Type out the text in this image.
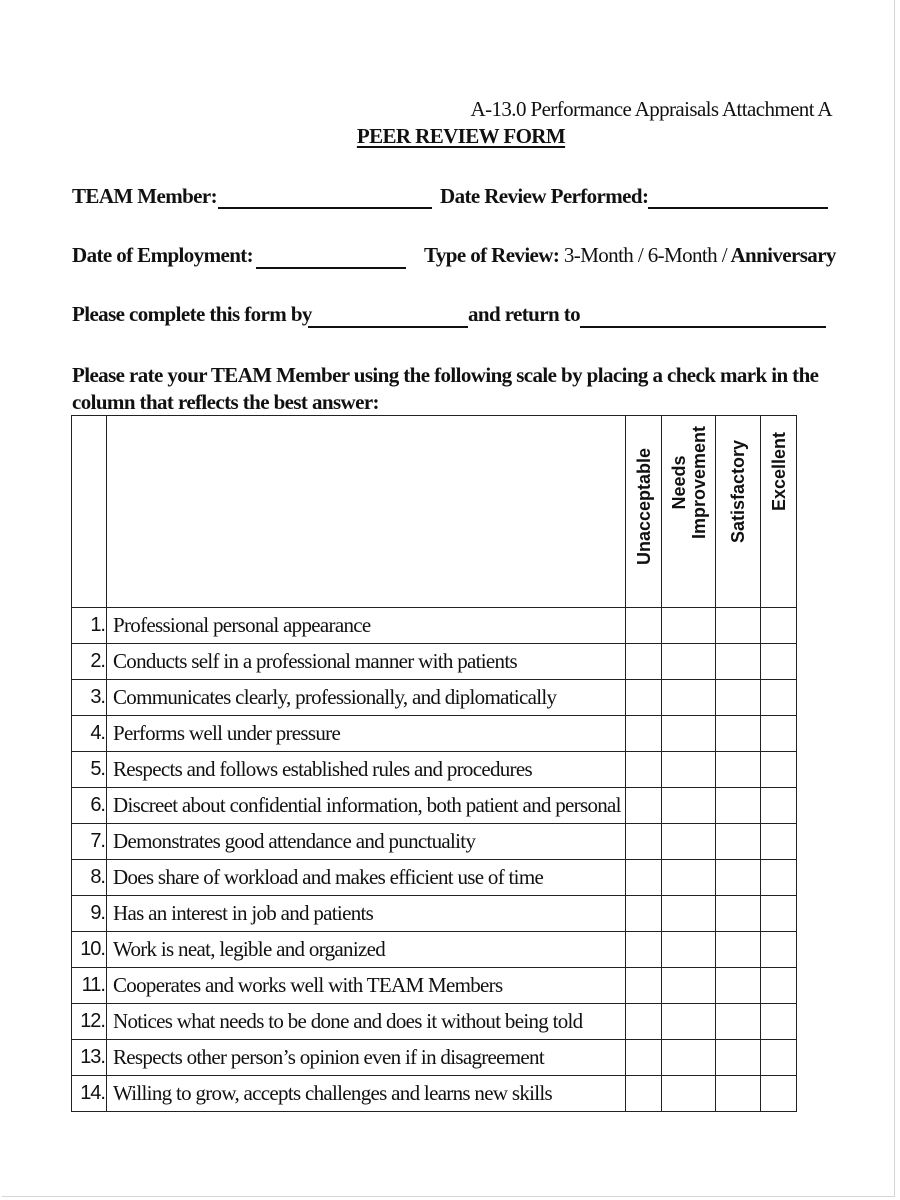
A-13.0 Performance Appraisals Attachment A
PEER REVIEW FORM
TEAM Member:	Date Review Performed:
Date of Employment:	Type of Review: 3-Month / 6-Month / Anniversary
Please complete this form by	and return to
Please rate your TEAM Member using the following scale by placing a check mark in the column that reflects the best answer:

		Unacceptable	Needs Improvement	Satisfactory	Excellent

1.	Professional personal appearance				
2.	Conducts self in a professional manner with patients				
3.	Communicates clearly, professionally, and diplomatically				
4.	Performs well under pressure				
5.	Respects and follows established rules and procedures				
6.	Discreet about confidential information, both patient and personal				
7.	Demonstrates good attendance and punctuality				
8.	Does share of workload and makes efficient use of time				
9.	Has an interest in job and patients				
10.	Work is neat, legible and organized				
11.	Cooperates and works well with TEAM Members				
12.	Notices what needs to be done and does it without being told				
13.	Respects other person’s opinion even if in disagreement				
14.	Willing to grow, accepts challenges and learns new skills				
